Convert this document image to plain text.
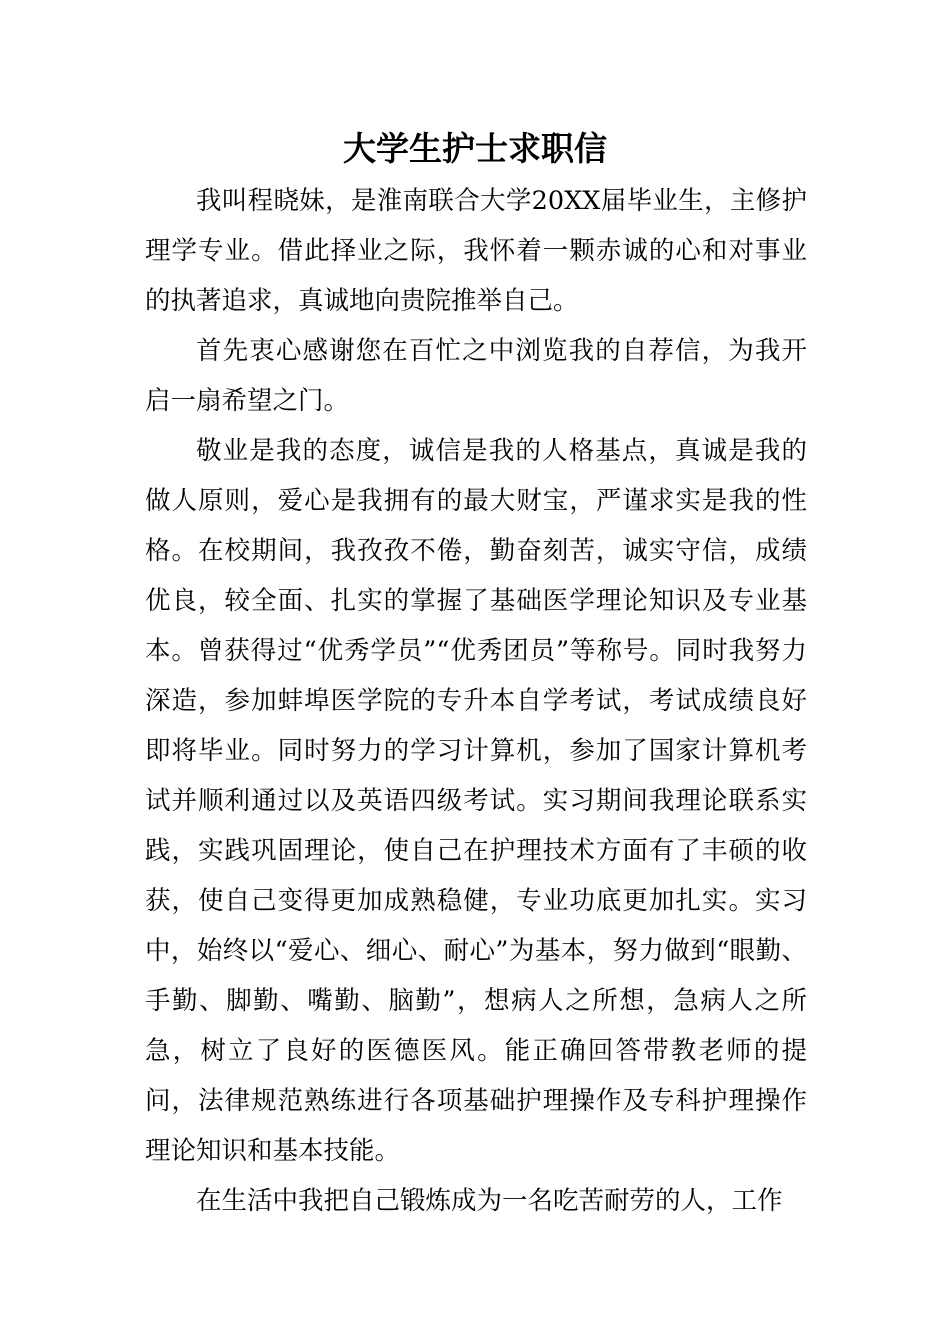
大学生护士求职信

我叫程晓妹，是淮南联合大学20XX届毕业生，主修护理学专业。借此择业之际，我怀着一颗赤诚的心和对事业的执著追求，真诚地向贵院推举自己。

首先衷心感谢您在百忙之中浏览我的自荐信，为我开启一扇希望之门。

敬业是我的态度，诚信是我的人格基点，真诚是我的做人原则，爱心是我拥有的最大财宝，严谨求实是我的性格。在校期间，我孜孜不倦，勤奋刻苦，诚实守信，成绩优良，较全面、扎实的掌握了基础医学理论知识及专业基本。曾获得过“优秀学员”“优秀团员”等称号。同时我努力深造，参加蚌埠医学院的专升本自学考试，考试成绩良好即将毕业。同时努力的学习计算机，参加了国家计算机考试并顺利通过以及英语四级考试。实习期间我理论联系实践，实践巩固理论，使自己在护理技术方面有了丰硕的收获，使自己变得更加成熟稳健，专业功底更加扎实。实习中，始终以“爱心、细心、耐心”为基本，努力做到“眼勤、手勤、脚勤、嘴勤、脑勤”，想病人之所想，急病人之所急，树立了良好的医德医风。能正确回答带教老师的提问，法律规范熟练进行各项基础护理操作及专科护理操作理论知识和基本技能。

在生活中我把自己锻炼成为一名吃苦耐劳的人，工作
